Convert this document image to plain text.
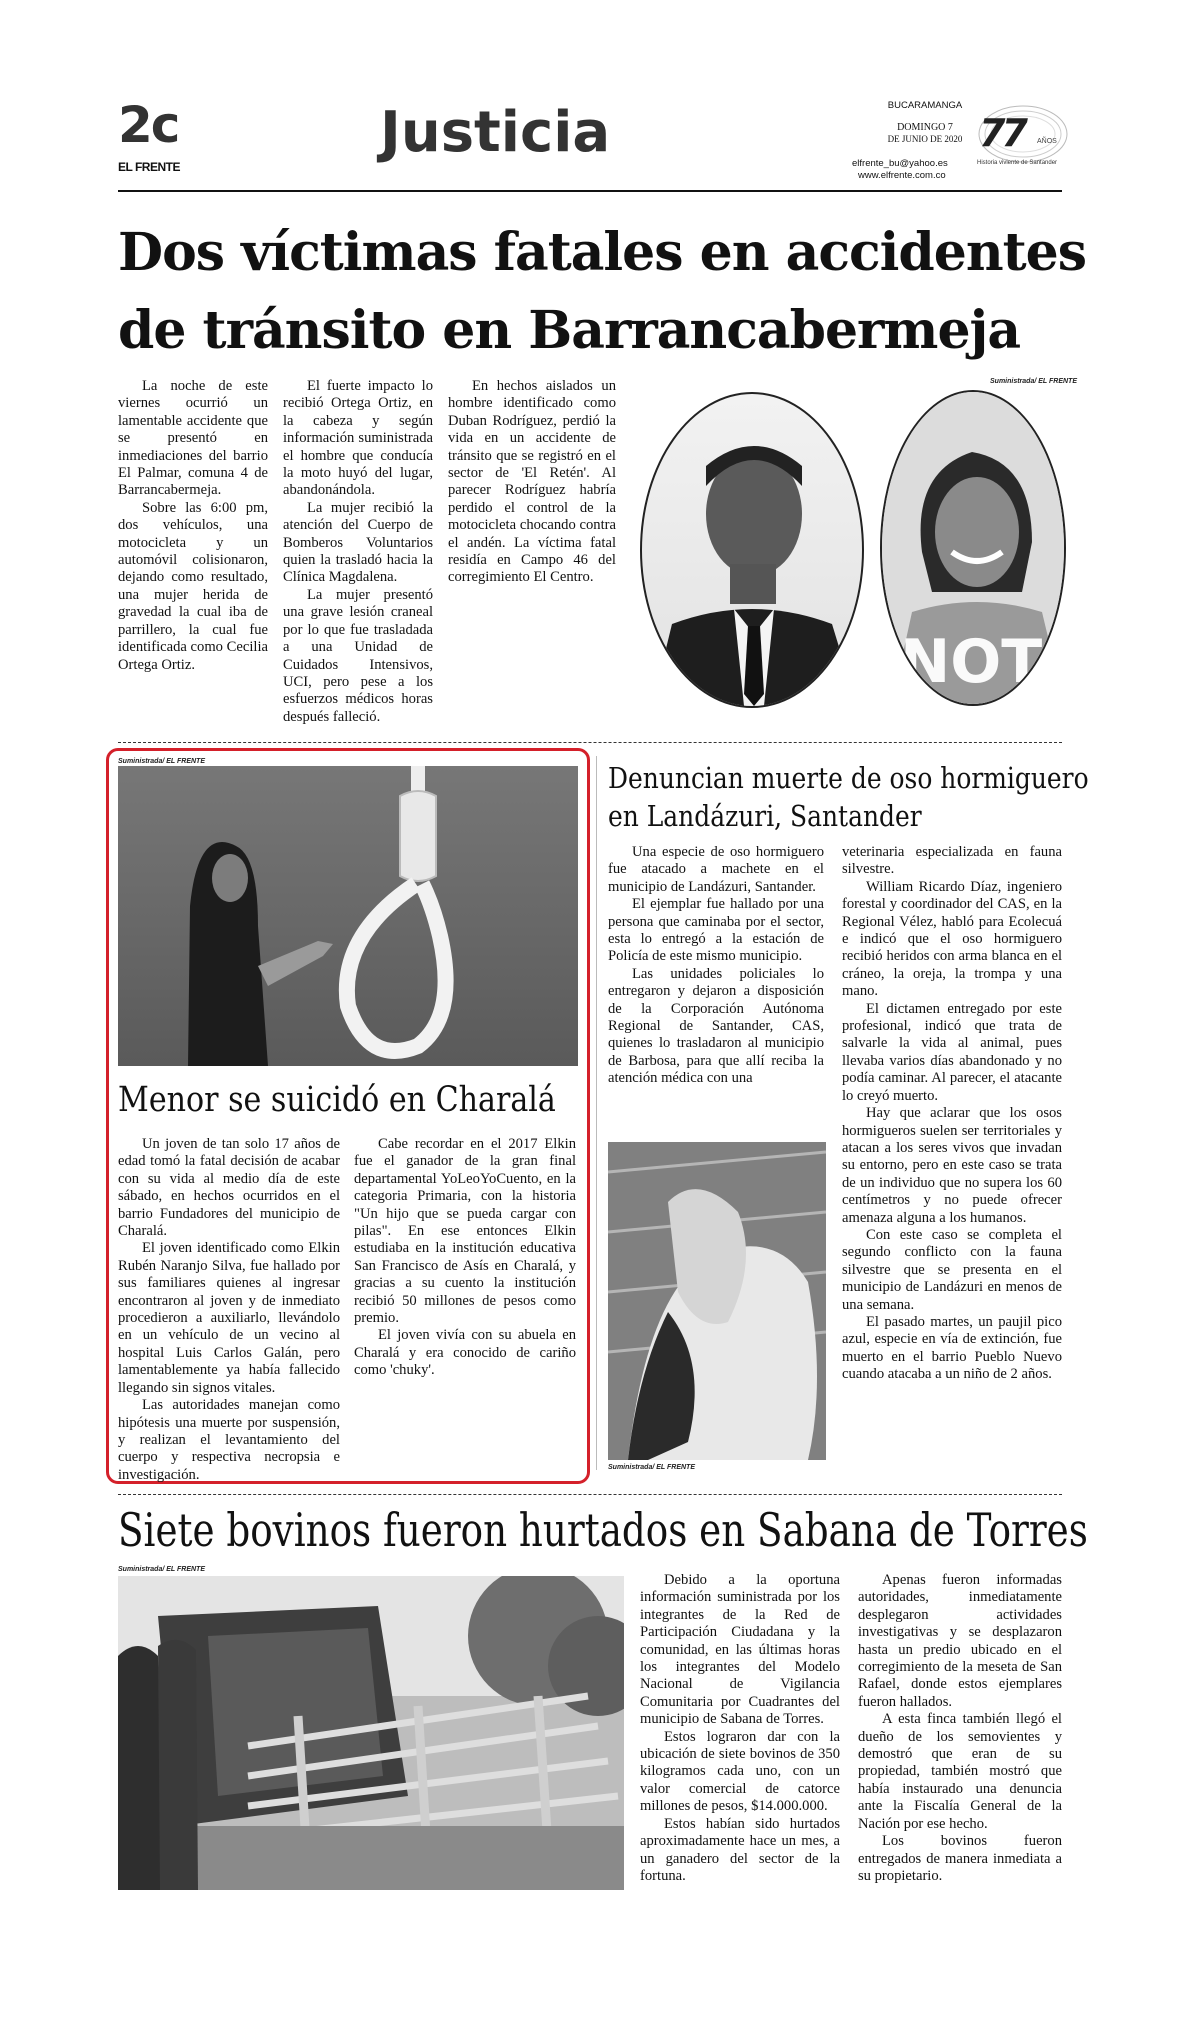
2c
EL FRENTE
Justicia	BUCARAMANGA
DOMINGO 7
DE JUNIO DE 2020
elfrente_bu@yahoo.es
www.elfrente.com.co
77 AÑOS
Historia viviente de Santander
Dos víctimas fatales en accidentes
de tránsito en Barrancabermeja

La noche de este viernes ocurrió un lamentable accidente que se presentó en inmediaciones del barrio El Palmar, comuna 4 de Barrancabermeja.

Sobre las 6:00 pm, dos vehículos, una motocicleta y un automóvil colisionaron, dejando como resultado, una mujer herida de gravedad la cual iba de parrillero, la cual fue identificada como Cecilia Ortega Ortiz.

El fuerte impacto lo recibió Ortega Ortiz, en la cabeza y según información suministrada el hombre que conducía la moto huyó del lugar, abandonándola.

La mujer recibió la atención del Cuerpo de Bomberos Voluntarios quien la trasladó hacia la Clínica Magdalena.

La mujer presentó una grave lesión craneal por lo que fue trasladada a una Unidad de Cuidados Intensivos, UCI, pero pese a los esfuerzos médicos horas después falleció.

En hechos aislados un hombre identificado como Duban Rodríguez, perdió la vida en un accidente de tránsito que se registró en el sector de 'El Retén'. Al parecer Rodríguez habría perdido el control de la motocicleta chocando contra el andén. La víctima fatal residía en Campo 46 del corregimiento El Centro.

Suministrada/ EL FRENTE
NOTI
Suministrada/ EL FRENTE
Menor se suicidó en Charalá

Un joven de tan solo 17 años de edad tomó la fatal decisión de acabar con su vida al medio día de este sábado, en hechos ocurridos en el barrio Fundadores del municipio de Charalá.

El joven identificado como Elkin Rubén Naranjo Silva, fue hallado por sus familiares quienes al ingresar encontraron al joven y de inmediato procedieron a auxiliarlo, llevándolo en un vehículo de un vecino al hospital Luis Carlos Galán, pero lamentablemente ya había fallecido llegando sin signos vitales.

Las autoridades manejan como hipótesis una muerte por suspensión, y realizan el levantamiento del cuerpo y respectiva necropsia e investigación.

Cabe recordar en el 2017 Elkin fue el ganador de la gran final departamental YoLeoYoCuento, en la categoria Primaria, con la historia "Un hijo que se pueda cargar con pilas". En ese entonces Elkin estudiaba en la institución educativa San Francisco de Asís en Charalá, y gracias a su cuento la institución recibió 50 millones de pesos como premio.

El joven vivía con su abuela en Charalá y era conocido de cariño como 'chuky'.

Denuncian muerte de oso hormiguero
en Landázuri, Santander

Una especie de oso hormiguero fue atacado a machete en el municipio de Landázuri, Santander.

El ejemplar fue hallado por una persona que caminaba por el sector, esta lo entregó a la estación de Policía de este mismo municipio.

Las unidades policiales lo entregaron y dejaron a disposición de la Corporación Autónoma Regional de Santander, CAS, quienes lo trasladaron al municipio de Barbosa, para que allí reciba la atención médica con una

Suministrada/ EL FRENTE

veterinaria especializada en fauna silvestre.

William Ricardo Díaz, ingeniero forestal y coordinador del CAS, en la Regional Vélez, habló para Ecolecuá e indicó que el oso hormiguero recibió heridos con arma blanca en el cráneo, la oreja, la trompa y una mano.

El dictamen entregado por este profesional, indicó que trata de salvarle la vida al animal, pues llevaba varios días abandonado y no podía caminar. Al parecer, el atacante lo creyó muerto.

Hay que aclarar que los osos hormigueros suelen ser territoriales y atacan a los seres vivos que invadan su entorno, pero en este caso se trata de un individuo que no supera los 60 centímetros y no puede ofrecer amenaza alguna a los humanos.

Con este caso se completa el segundo conflicto con la fauna silvestre que se presenta en el municipio de Landázuri en menos de una semana.

El pasado martes, un paujil pico azul, especie en vía de extinción, fue muerto en el barrio Pueblo Nuevo cuando atacaba a un niño de 2 años.

Siete bovinos fueron hurtados en Sabana de Torres
Suministrada/ EL FRENTE

Debido a la oportuna información suministrada por los integrantes de la Red de Participación Ciudadana y la comunidad, en las últimas horas los integrantes del Modelo Nacional de Vigilancia Comunitaria por Cuadrantes del municipio de Sabana de Torres.

Estos lograron dar con la ubicación de siete bovinos de 350 kilogramos cada uno, con un valor comercial de catorce millones de pesos, $14.000.000.

Estos habían sido hurtados aproximadamente hace un mes, a un ganadero del sector de la fortuna.

Apenas fueron informadas autoridades, inmediatamente desplegaron actividades investigativas y se desplazaron hasta un predio ubicado en el corregimiento de la meseta de San Rafael, donde estos ejemplares fueron hallados.

A esta finca también llegó el dueño de los semovientes y demostró que eran de su propiedad, también mostró que había instaurado una denuncia ante la Fiscalía General de la Nación por ese hecho.

Los bovinos fueron entregados de manera inmediata a su propietario.
